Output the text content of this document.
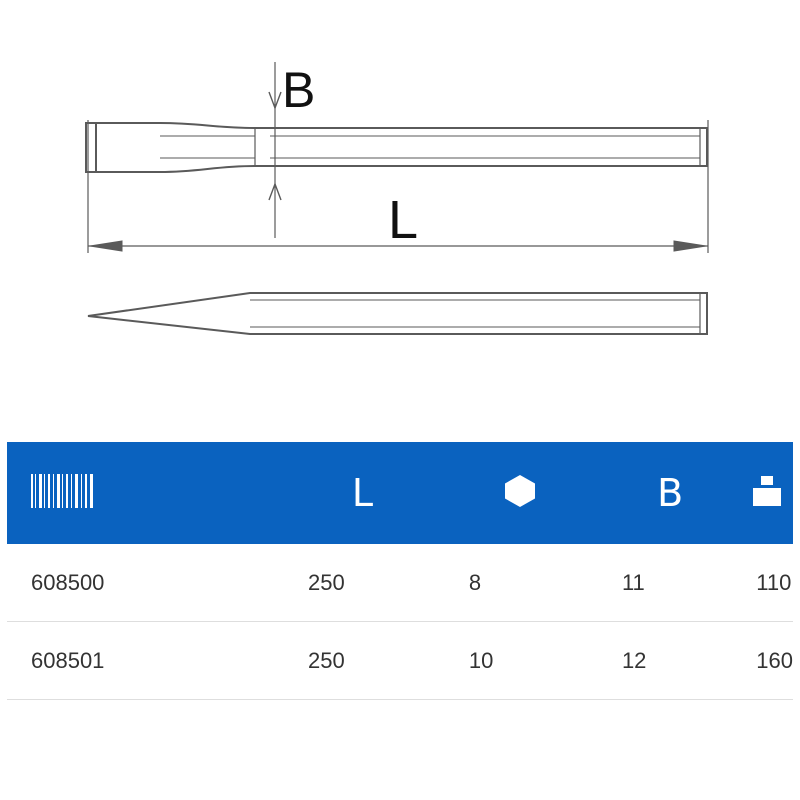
B
L
	L		B	
608500	250	8	11	110
608501	250	10	12	160
